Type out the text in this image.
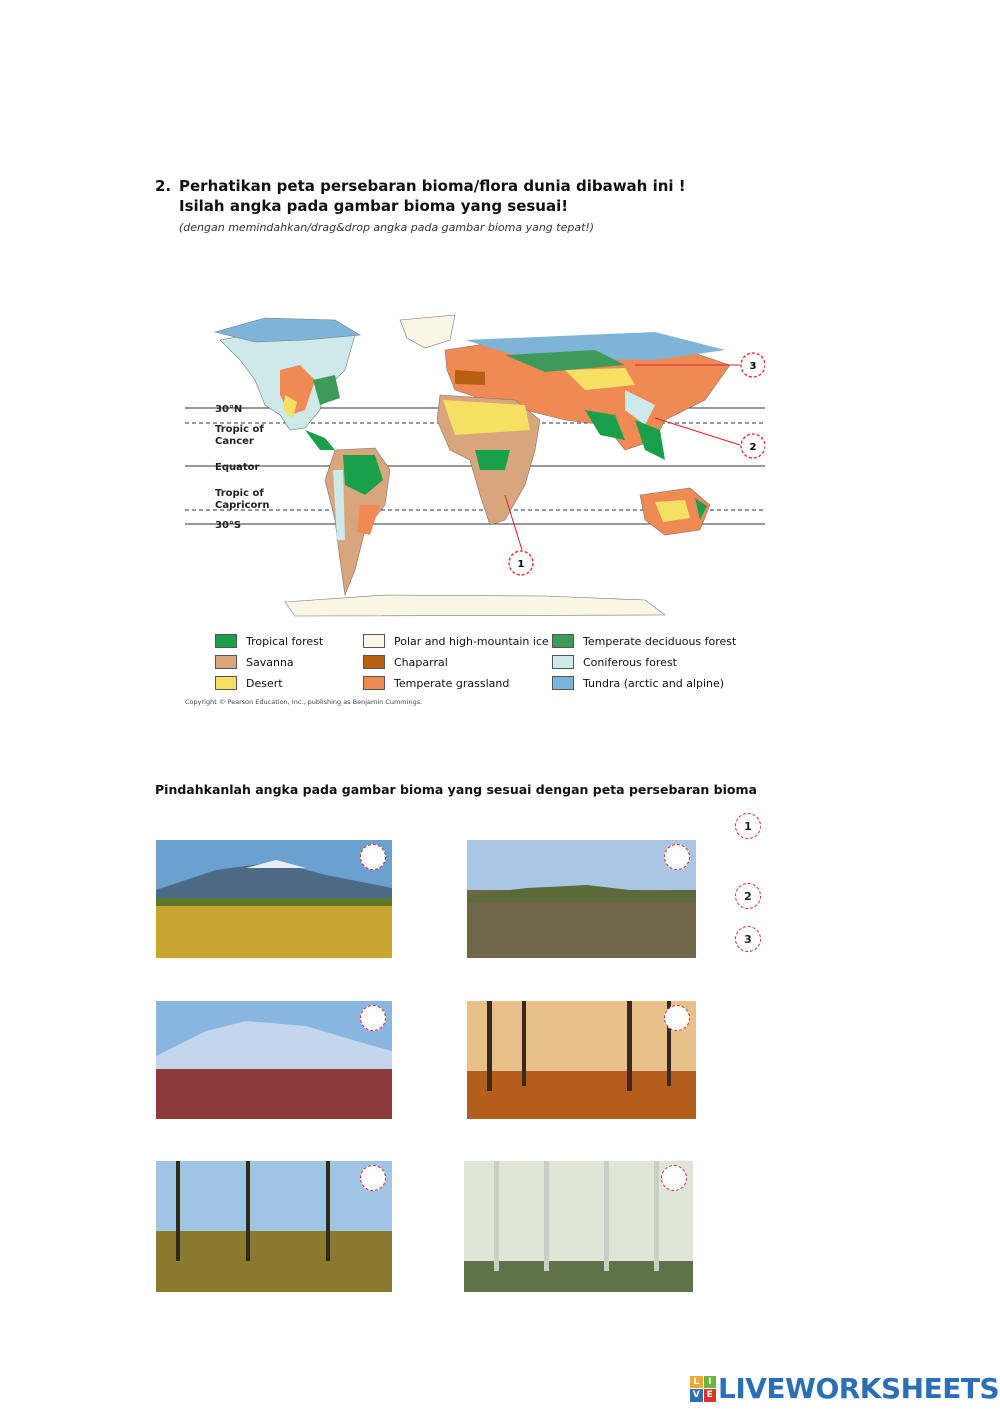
2. Perhatikan peta persebaran bioma/flora dunia dibawah ini !
Isilah angka pada gambar bioma yang sesuai!
(dengan memindahkan/drag&drop angka pada gambar bioma yang tepat!)
30°N
Tropic of
Cancer
Equator
Tropic of
Capricorn
30°S
3
2
1
Tropical forest
Savanna
Desert
Polar and high-mountain ice
Chaparral
Temperate grassland
Temperate deciduous forest
Coniferous forest
Tundra (arctic and alpine)
Copyright © Pearson Education, Inc., publishing as Benjamin Cummings.
Pindahkanlah angka pada gambar bioma yang sesuai dengan peta persebaran bioma
1
2
3
L I
V E LIVEWORKSHEETS
